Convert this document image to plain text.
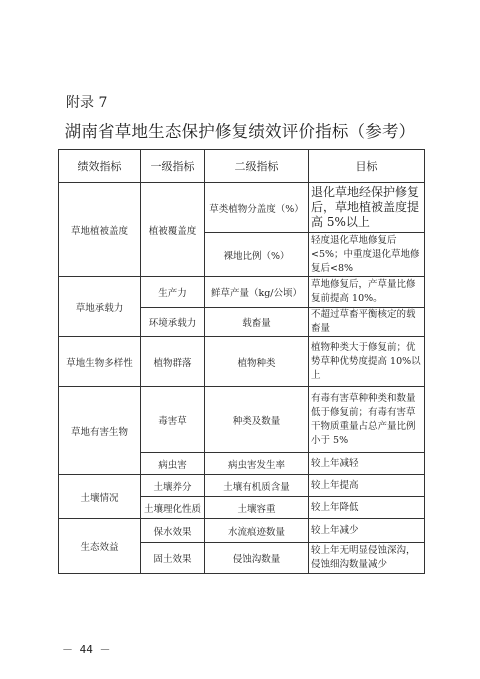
附录 7
湖南省草地生态保护修复绩效评价指标（参考）
绩效指标	一级指标	二级指标	目标
草地植被盖度	植被覆盖度	草类植物分盖度（%）	退化草地经保护修复后，草地植被盖度提高 5%以上
		裸地比例（%）	轻度退化草地修复后<5%；中重度退化草地修复后<8%
草地承载力	生产力	鲜草产量（kg/公顷）	草地修复后，产草量比修复前提高 10%。
	环境承载力	载畜量	不超过草畜平衡核定的载畜量
草地生物多样性	植物群落	植物种类	植物种类大于修复前；优势草种优势度提高 10%以上
草地有害生物	毒害草	种类及数量	有毒有害草种种类和数量低于修复前；有毒有害草干物质重量占总产量比例小于 5%
	病虫害	病虫害发生率	较上年减轻
土壤情况	土壤养分	土壤有机质含量	较上年提高
	土壤理化性质	土壤容重	较上年降低
生态效益	保水效果	水流痕迹数量	较上年减少
	固土效果	侵蚀沟数量	较上年无明显侵蚀深沟，侵蚀细沟数量减少
－ 44 －
